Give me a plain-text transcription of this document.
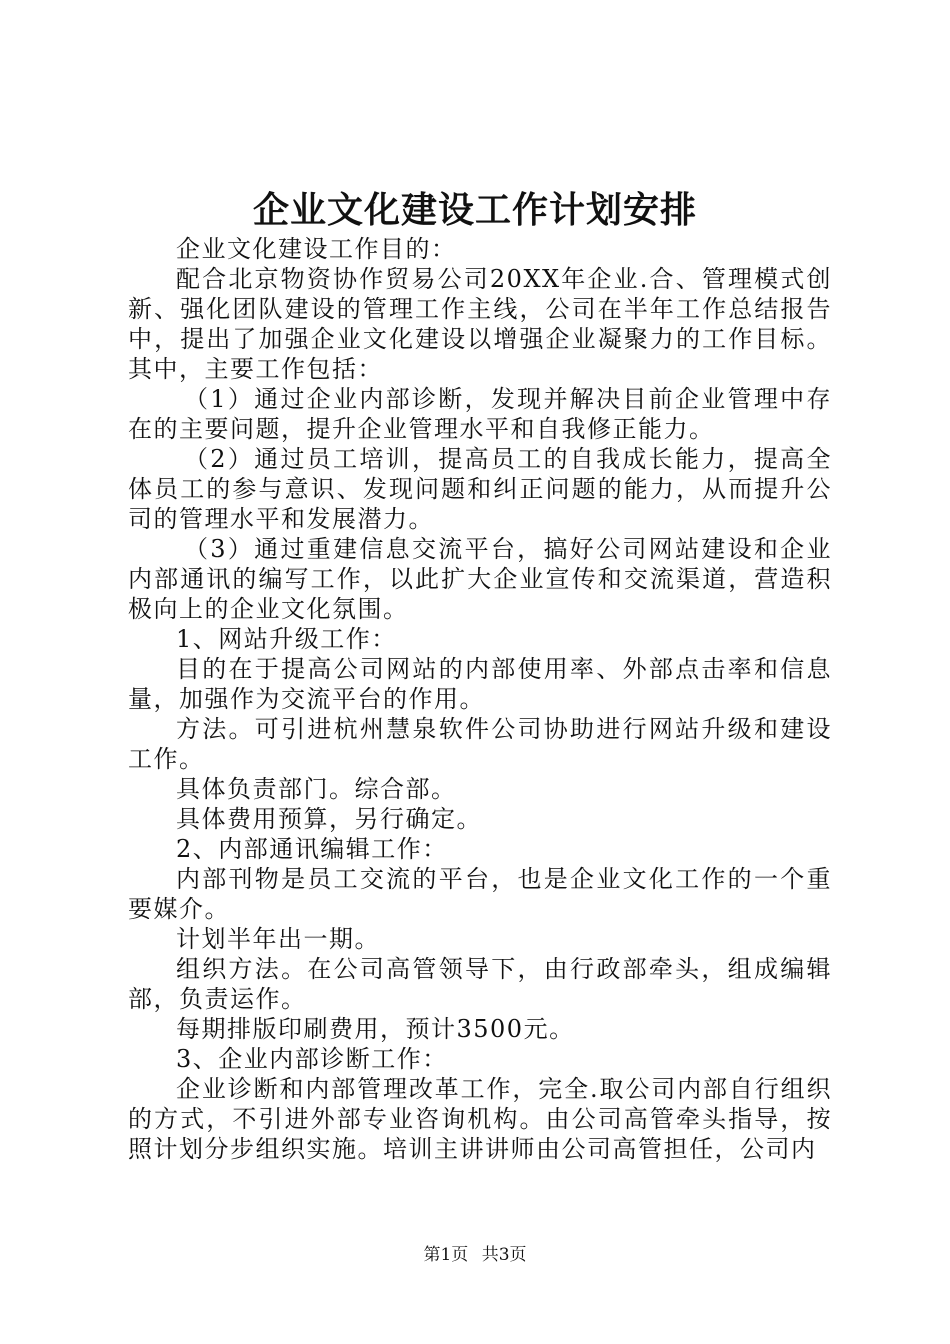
企业文化建设工作计划安排

企业文化建设工作目的：

配合北京物资协作贸易公司20XX年企业.合、管理模式创新、强化团队建设的管理工作主线，公司在半年工作总结报告中，提出了加强企业文化建设以增强企业凝聚力的工作目标。其中，主要工作包括：

（1）通过企业内部诊断，发现并解决目前企业管理中存在的主要问题，提升企业管理水平和自我修正能力。

（2）通过员工培训，提高员工的自我成长能力，提高全体员工的参与意识、发现问题和纠正问题的能力，从而提升公司的管理水平和发展潜力。

（3）通过重建信息交流平台，搞好公司网站建设和企业内部通讯的编写工作，以此扩大企业宣传和交流渠道，营造积极向上的企业文化氛围。

1、网站升级工作：

目的在于提高公司网站的内部使用率、外部点击率和信息量，加强作为交流平台的作用。

方法。可引进杭州慧泉软件公司协助进行网站升级和建设工作。

具体负责部门。综合部。

具体费用预算，另行确定。

2、内部通讯编辑工作：

内部刊物是员工交流的平台，也是企业文化工作的一个重要媒介。

计划半年出一期。

组织方法。在公司高管领导下，由行政部牵头，组成编辑部，负责运作。

每期排版印刷费用，预计3500元。

3、企业内部诊断工作：

企业诊断和内部管理改革工作，完全.取公司内部自行组织的方式，不引进外部专业咨询机构。由公司高管牵头指导，按照计划分步组织实施。培训主讲讲师由公司高管担任，公司内

第1页 共3页
